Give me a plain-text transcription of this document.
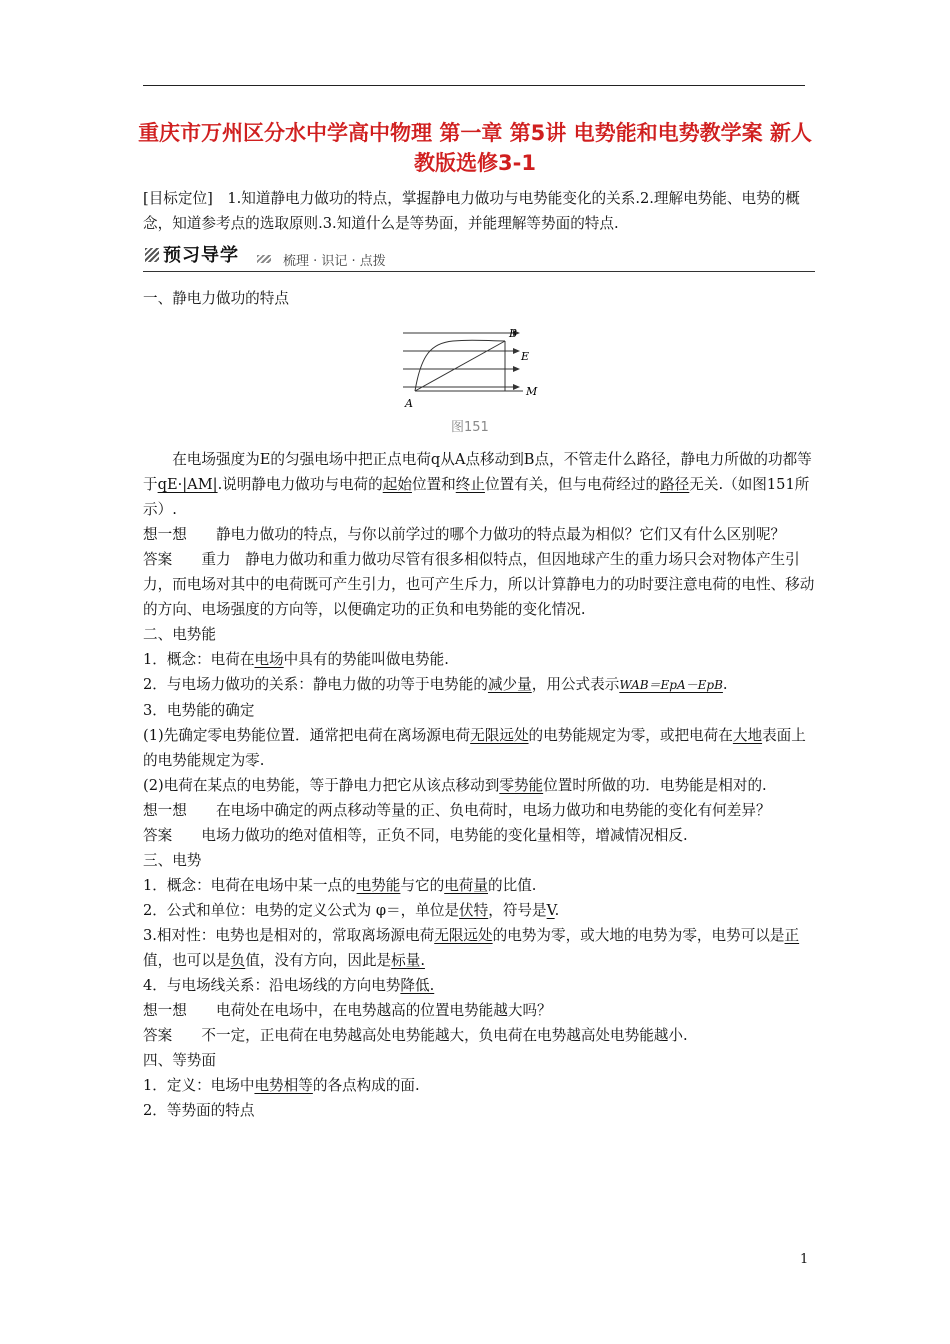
重庆市万州区分水中学高中物理 第一章 第5讲 电势能和电势教学案 新人教版选修3-1

[目标定位]　1.知道静电力做功的特点，掌握静电力做功与电势能变化的关系.2.理解电势能、电势的概念，知道参考点的选取原则.3.知道什么是等势面，并能理解等势面的特点.

预习导学	梳理 · 识记 · 点拨

一、静电力做功的特点

A
B
E
M
图151

在电场强度为E的匀强电场中把正点电荷q从A点移动到B点，不管走什么路径，静电力所做的功都等于qE·|AM|.说明静电力做功与电荷的起始位置和终止位置有关，但与电荷经过的路径无关.（如图151所示）.

想一想 静电力做功的特点，与你以前学过的哪个力做功的特点最为相似？它们又有什么区别呢？

答案 重力　静电力做功和重力做功尽管有很多相似特点，但因地球产生的重力场只会对物体产生引力，而电场对其中的电荷既可产生引力，也可产生斥力，所以计算静电力的功时要注意电荷的电性、移动的方向、电场强度的方向等，以便确定功的正负和电势能的变化情况.

二、电势能

1．概念：电荷在电场中具有的势能叫做电势能.

2．与电场力做功的关系：静电力做的功等于电势能的减少量，用公式表示WAB＝EpA－EpB.

3．电势能的确定

(1)先确定零电势能位置．通常把电荷在离场源电荷无限远处的电势能规定为零，或把电荷在大地表面上的电势能规定为零.

(2)电荷在某点的电势能，等于静电力把它从该点移动到零势能位置时所做的功．电势能是相对的.

想一想 在电场中确定的两点移动等量的正、负电荷时，电场力做功和电势能的变化有何差异？

答案 电场力做功的绝对值相等，正负不同，电势能的变化量相等，增减情况相反.

三、电势

1．概念：电荷在电场中某一点的电势能与它的电荷量的比值.

2．公式和单位：电势的定义公式为 φ＝，单位是伏特，符号是V.

3.相对性：电势也是相对的，常取离场源电荷无限远处的电势为零，或大地的电势为零，电势可以是正值，也可以是负值，没有方向，因此是标量.

4．与电场线关系：沿电场线的方向电势降低.

想一想 电荷处在电场中，在电势越高的位置电势能越大吗？

答案 不一定，正电荷在电势越高处电势能越大，负电荷在电势越高处电势能越小.

四、等势面

1．定义：电场中电势相等的各点构成的面.

2．等势面的特点

1
